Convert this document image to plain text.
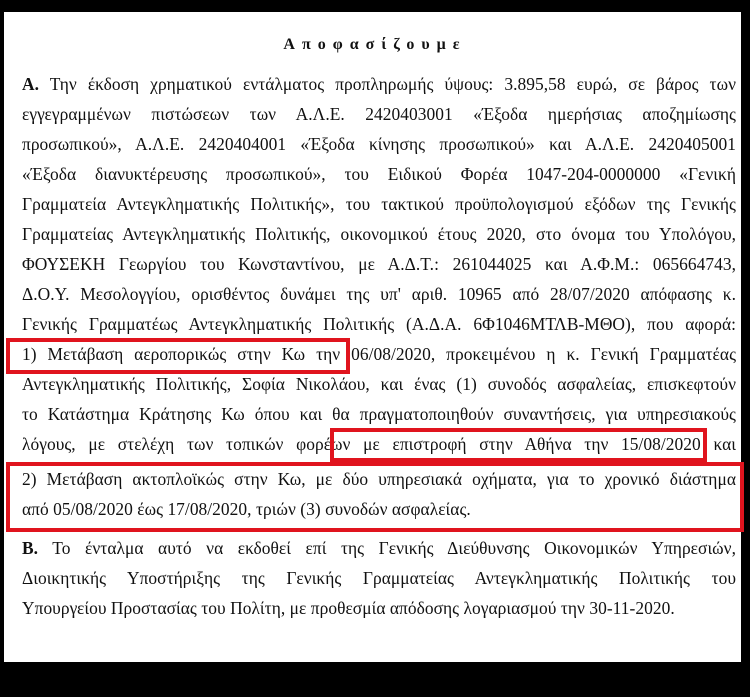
Αποφασίζουμε
Α. Την έκδοση χρηματικού εντάλματος προπληρωμής ύψους: 3.895,58 ευρώ, σε βάρος των
εγγεγραμμένων πιστώσεων των Α.Λ.Ε. 2420403001 «Έξοδα ημερήσιας αποζημίωσης
προσωπικού», Α.Λ.Ε. 2420404001 «Έξοδα κίνησης προσωπικού» και Α.Λ.Ε. 2420405001
«Έξοδα διανυκτέρευσης προσωπικού», του Ειδικού Φορέα 1047-204-0000000 «Γενική
Γραμματεία Αντεγκληματικής Πολιτικής», του τακτικού προϋπολογισμού εξόδων της Γενικής
Γραμματείας Αντεγκληματικής Πολιτικής, οικονομικού έτους 2020, στο όνομα του Υπολόγου,
ΦΟΥΣΕΚΗ Γεωργίου του Κωνσταντίνου, με Α.Δ.Τ.: 261044025 και Α.Φ.Μ.: 065664743,
Δ.Ο.Υ. Μεσολογγίου, ορισθέντος δυνάμει της υπ' αριθ. 10965 από 28/07/2020 απόφασης κ.
Γενικής Γραμματέως Αντεγκληματικής Πολιτικής (Α.Δ.Α. 6Φ1046ΜΤΛΒ-ΜΘΟ), που αφορά:
1) Μετάβαση αεροπορικώς στην Κω την 06/08/2020, προκειμένου η κ. Γενική Γραμματέας
Αντεγκληματικής Πολιτικής, Σοφία Νικολάου, και ένας (1) συνοδός ασφαλείας, επισκεφτούν
το Κατάστημα Κράτησης Κω όπου και θα πραγματοποιηθούν συναντήσεις, για υπηρεσιακούς
λόγους, με στελέχη των τοπικών φορέων με επιστροφή στην Αθήνα την 15/08/2020 και
2) Μετάβαση ακτοπλοϊκώς στην Κω, με δύο υπηρεσιακά οχήματα, για το χρονικό διάστημα
από 05/08/2020 έως 17/08/2020, τριών (3) συνοδών ασφαλείας.
Β. Το ένταλμα αυτό να εκδοθεί επί της Γενικής Διεύθυνσης Οικονομικών Υπηρεσιών,
Διοικητικής Υποστήριξης της Γενικής Γραμματείας Αντεγκληματικής Πολιτικής του
Υπουργείου Προστασίας του Πολίτη, με προθεσμία απόδοσης λογαριασμού την 30-11-2020.
